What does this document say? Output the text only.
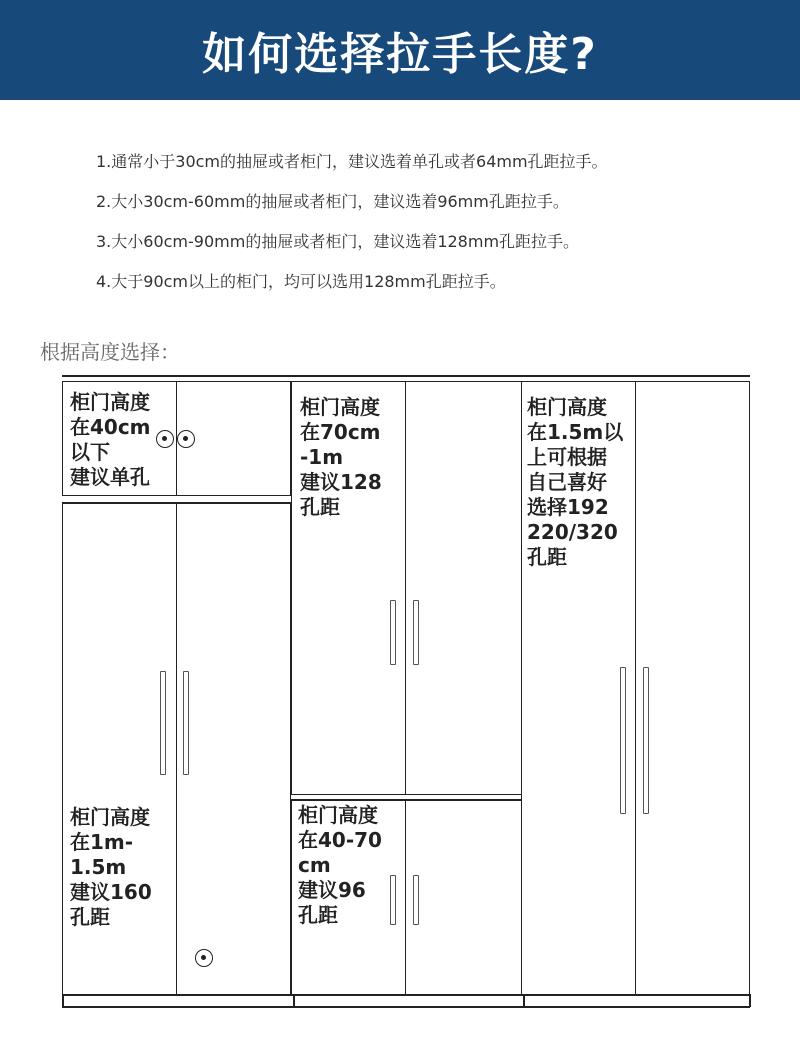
如何选择拉手长度?
1.通常小于30cm的抽屉或者柜门，建议选着单孔或者64mm孔距拉手。
2.大小30cm-60mm的抽屉或者柜门，建议选着96mm孔距拉手。
3.大小60cm-90mm的抽屉或者柜门，建议选着128mm孔距拉手。
4.大于90cm以上的柜门，均可以选用128mm孔距拉手。
根据高度选择：
柜门高度
在40cm
以下
建议单孔
柜门高度
在70cm
-1m
建议128
孔距
柜门高度
在1.5m以
上可根据
自己喜好
选择192
220/320
孔距
柜门高度
在1m-
1.5m
建议160
孔距
柜门高度
在40-70
cm
建议96
孔距
